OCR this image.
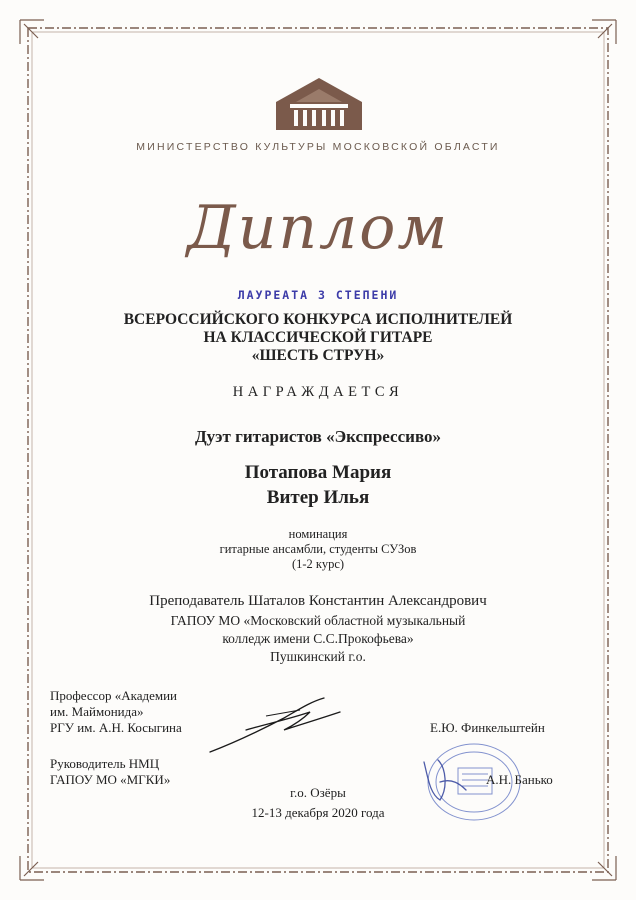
МИНИСТЕРСТВО КУЛЬТУРЫ МОСКОВСКОЙ ОБЛАСТИ
Диплом
ЛАУРЕАТА 3 СТЕПЕНИ
ВСЕРОССИЙСКОГО КОНКУРСА ИСПОЛНИТЕЛЕЙ
НА КЛАССИЧЕСКОЙ ГИТАРЕ
«ШЕСТЬ СТРУН»
НАГРАЖДАЕТСЯ
Дуэт гитаристов «Экспрессиво»
Потапова Мария
Витер Илья
номинация
гитарные ансамбли, студенты СУЗов
(1-2 курс)
Преподаватель Шаталов Константин Александрович
ГАПОУ МО «Московский областной музыкальный
колледж имени С.С.Прокофьева»
Пушкинский г.о.
Профессор «Академии
им. Маймонида»
РГУ им. А.Н. Косыгина
Руководитель НМЦ
ГАПОУ МО «МГКИ»
Е.Ю. Финкельштейн
А.Н. Банько
г.о. Озёры
12-13 декабря 2020 года
